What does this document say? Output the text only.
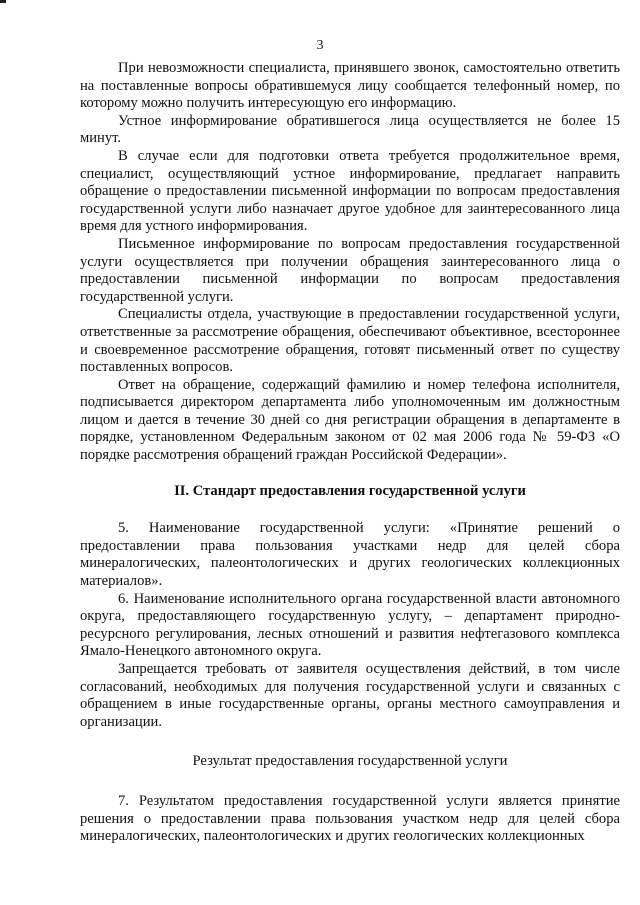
3

При невозможности специалиста, принявшего звонок, самостоятельно ответить на поставленные вопросы обратившемуся лицу сообщается телефонный номер, по которому можно получить интересующую его информацию.

Устное информирование обратившегося лица осуществляется не более 15 минут.

В случае если для подготовки ответа требуется продолжительное время, специалист, осуществляющий устное информирование, предлагает направить обращение о предоставлении письменной информации по вопросам предоставления государственной услуги либо назначает другое удобное для заинтересованного лица время для устного информирования.

Письменное информирование по вопросам предоставления государственной услуги осуществляется при получении обращения заинтересованного лица о предоставлении письменной информации по вопросам предоставления государственной услуги.

Специалисты отдела, участвующие в предоставлении государственной услуги, ответственные за рассмотрение обращения, обеспечивают объективное, всестороннее и своевременное рассмотрение обращения, готовят письменный ответ по существу поставленных вопросов.

Ответ на обращение, содержащий фамилию и номер телефона исполнителя, подписывается директором департамента либо уполномоченным им должностным лицом и дается в течение 30 дней со дня регистрации обращения в департаменте в порядке, установленном Федеральным законом от 02 мая 2006 года № 59-ФЗ «О порядке рассмотрения обращений граждан Российской Федерации».

II. Стандарт предоставления государственной услуги

5. Наименование государственной услуги: «Принятие решений о предоставлении права пользования участками недр для целей сбора минералогических, палеонтологических и других геологических коллекционных материалов».

6. Наименование исполнительного органа государственной власти автономного округа, предоставляющего государственную услугу, – департамент природно-ресурсного регулирования, лесных отношений и развития нефтегазового комплекса Ямало-Ненецкого автономного округа.

Запрещается требовать от заявителя осуществления действий, в том числе согласований, необходимых для получения государственной услуги и связанных с обращением в иные государственные органы, органы местного самоуправления и организации.

Результат предоставления государственной услуги

7. Результатом предоставления государственной услуги является принятие решения о предоставлении права пользования участком недр для целей сбора минералогических, палеонтологических и других геологических коллекционных
